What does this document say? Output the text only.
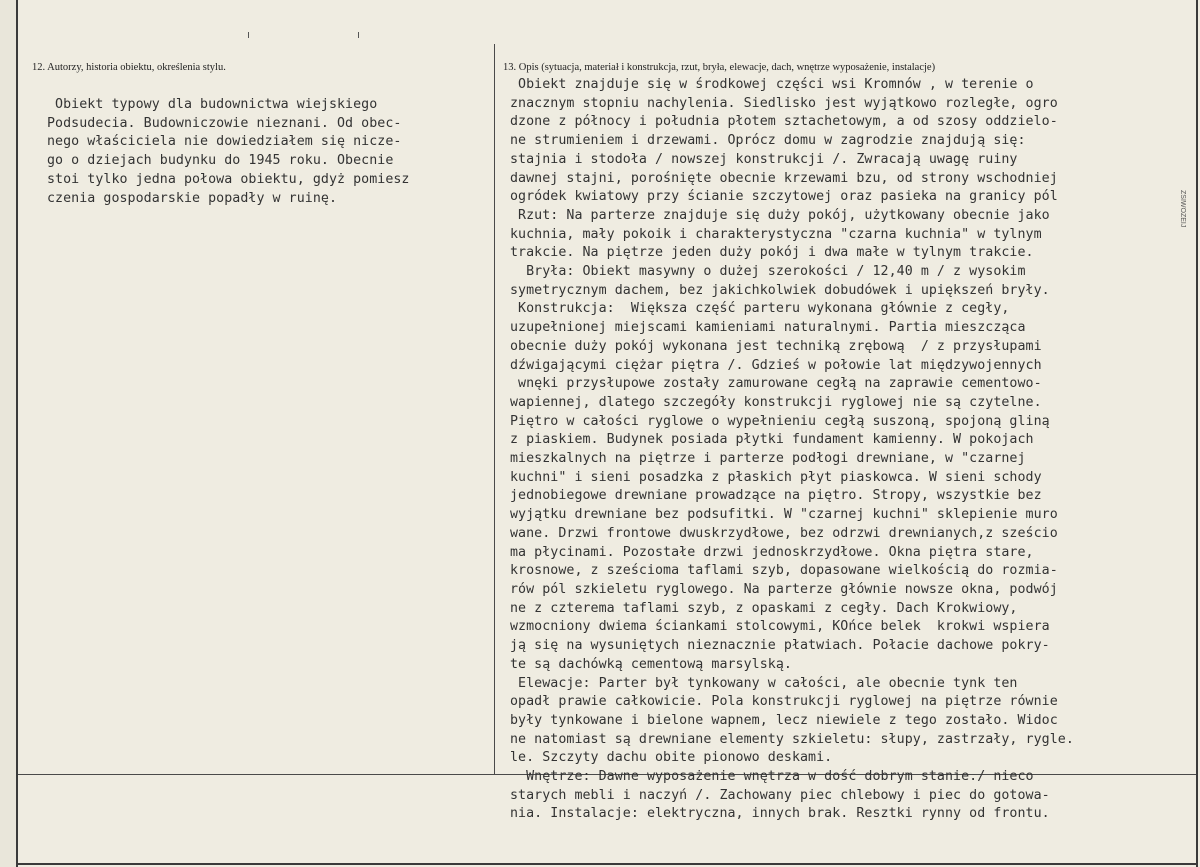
12. Autorzy, historia obiektu, określenia stylu.	13. Opis (sytuacja, materiał i konstrukcja, rzut, bryła, elewacje, dach, wnętrze wyposażenie, instalacje)
Obiekt typowy dla budownictwa wiejskiego
Podsudecia. Budowniczowie nieznani. Od obec-
nego właściciela nie dowiedziałem się nicze-
go o dziejach budynku do 1945 roku. Obecnie
stoi tylko jedna połowa obiektu, gdyż pomiesz
czenia gospodarskie popadły w ruinę.
Obiekt znajduje się w środkowej części wsi Kromnów , w terenie o
znacznym stopniu nachylenia. Siedlisko jest wyjątkowo rozległe, ogro
dzone z północy i południa płotem sztachetowym, a od szosy oddzielo-
ne strumieniem i drzewami. Oprócz domu w zagrodzie znajdują się:
stajnia i stodoła / nowszej konstrukcji /. Zwracają uwagę ruiny
dawnej stajni, porośnięte obecnie krzewami bzu, od strony wschodniej
ogródek kwiatowy przy ścianie szczytowej oraz pasieka na granicy pól
Rzut: Na parterze znajduje się duży pokój, użytkowany obecnie jako
kuchnia, mały pokoik i charakterystyczna "czarna kuchnia" w tylnym
trakcie. Na piętrze jeden duży pokój i dwa małe w tylnym trakcie.
Bryła: Obiekt masywny o dużej szerokości / 12,40 m / z wysokim
symetrycznym dachem, bez jakichkolwiek dobudówek i upiększeń bryły.
Konstrukcja:  Większa część parteru wykonana głównie z cegły,
uzupełnionej miejscami kamieniami naturalnymi. Partia mieszcząca
obecnie duży pokój wykonana jest techniką zrębową  / z przysłupami
dźwigającymi ciężar piętra /. Gdzieś w połowie lat międzywojennych
wnęki przysłupowe zostały zamurowane cegłą na zaprawie cementowo-
wapiennej, dlatego szczegóły konstrukcji ryglowej nie są czytelne.
Piętro w całości ryglowe o wypełnieniu cegłą suszoną, spojoną gliną
z piaskiem. Budynek posiada płytki fundament kamienny. W pokojach
mieszkalnych na piętrze i parterze podłogi drewniane, w "czarnej
kuchni" i sieni posadzka z płaskich płyt piaskowca. W sieni schody
jednobiegowe drewniane prowadzące na piętro. Stropy, wszystkie bez
wyjątku drewniane bez podsufitki. W "czarnej kuchni" sklepienie muro
wane. Drzwi frontowe dwuskrzydłowe, bez odrzwi drewnianych,z sześcio
ma płycinami. Pozostałe drzwi jednoskrzydłowe. Okna piętra stare,
krosnowe, z sześcioma taflami szyb, dopasowane wielkością do rozmia-
rów pól szkieletu ryglowego. Na parterze głównie nowsze okna, podwój
ne z czterema taflami szyb, z opaskami z cegły. Dach Krokwiowy,
wzmocniony dwiema ściankami stolcowymi, KOńce belek  krokwi wspiera
ją się na wysuniętych nieznacznie płatwiach. Połacie dachowe pokry-
te są dachówką cementową marsylską.
Elewacje: Parter był tynkowany w całości, ale obecnie tynk ten
opadł prawie całkowicie. Pola konstrukcji ryglowej na piętrze równie
były tynkowane i bielone wapnem, lecz niewiele z tego zostało. Widoc
ne natomiast są drewniane elementy szkieletu: słupy, zastrzały, rygle.
le. Szczyty dachu obite pionowo deskami.
Wnętrze: Dawne wyposażenie wnętrza w dość dobrym stanie./ nieco
starych mebli i naczyń /. Zachowany piec chlebowy i piec do gotowa-
nia. Instalacje: elektryczna, innych brak. Resztki rynny od frontu.
ZSIWOZEIJ
